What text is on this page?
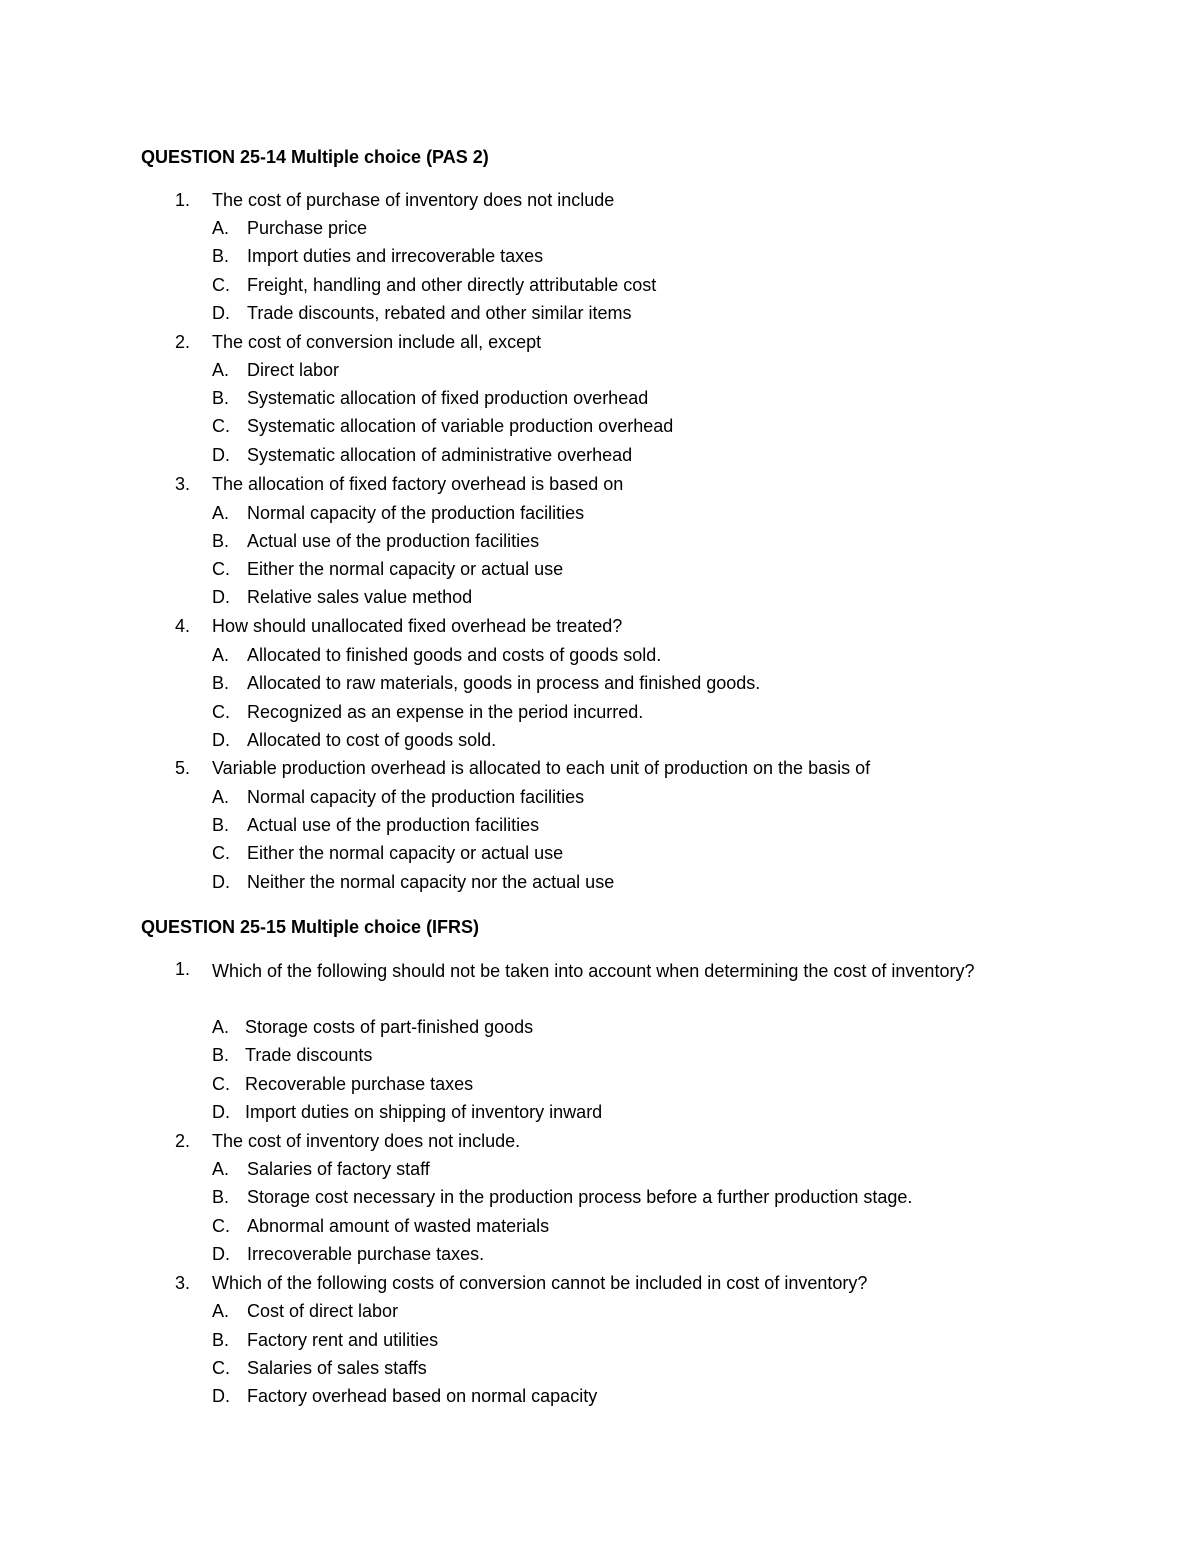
QUESTION 25-14 Multiple choice (PAS 2)
1. The cost of purchase of inventory does not include
A. Purchase price
B. Import duties and irrecoverable taxes
C. Freight, handling and other directly attributable cost
D. Trade discounts, rebated and other similar items
2. The cost of conversion include all, except
A. Direct labor
B. Systematic allocation of fixed production overhead
C. Systematic allocation of variable production overhead
D. Systematic allocation of administrative overhead
3. The allocation of fixed factory overhead is based on
A. Normal capacity of the production facilities
B. Actual use of the production facilities
C. Either the normal capacity or actual use
D. Relative sales value method
4. How should unallocated fixed overhead be treated?
A. Allocated to finished goods and costs of goods sold.
B. Allocated to raw materials, goods in process and finished goods.
C. Recognized as an expense in the period incurred.
D. Allocated to cost of goods sold.
5. Variable production overhead is allocated to each unit of production on the basis of
A. Normal capacity of the production facilities
B. Actual use of the production facilities
C. Either the normal capacity or actual use
D. Neither the normal capacity nor the actual use
QUESTION 25-15 Multiple choice (IFRS)
1. Which of the following should not be taken into account when determining the cost of inventory?
A. Storage costs of part-finished goods
B. Trade discounts
C. Recoverable purchase taxes
D. Import duties on shipping of inventory inward
2. The cost of inventory does not include.
A. Salaries of factory staff
B. Storage cost necessary in the production process before a further production stage.
C. Abnormal amount of wasted materials
D. Irrecoverable purchase taxes.
3. Which of the following costs of conversion cannot be included in cost of inventory?
A. Cost of direct labor
B. Factory rent and utilities
C. Salaries of sales staffs
D. Factory overhead based on normal capacity
